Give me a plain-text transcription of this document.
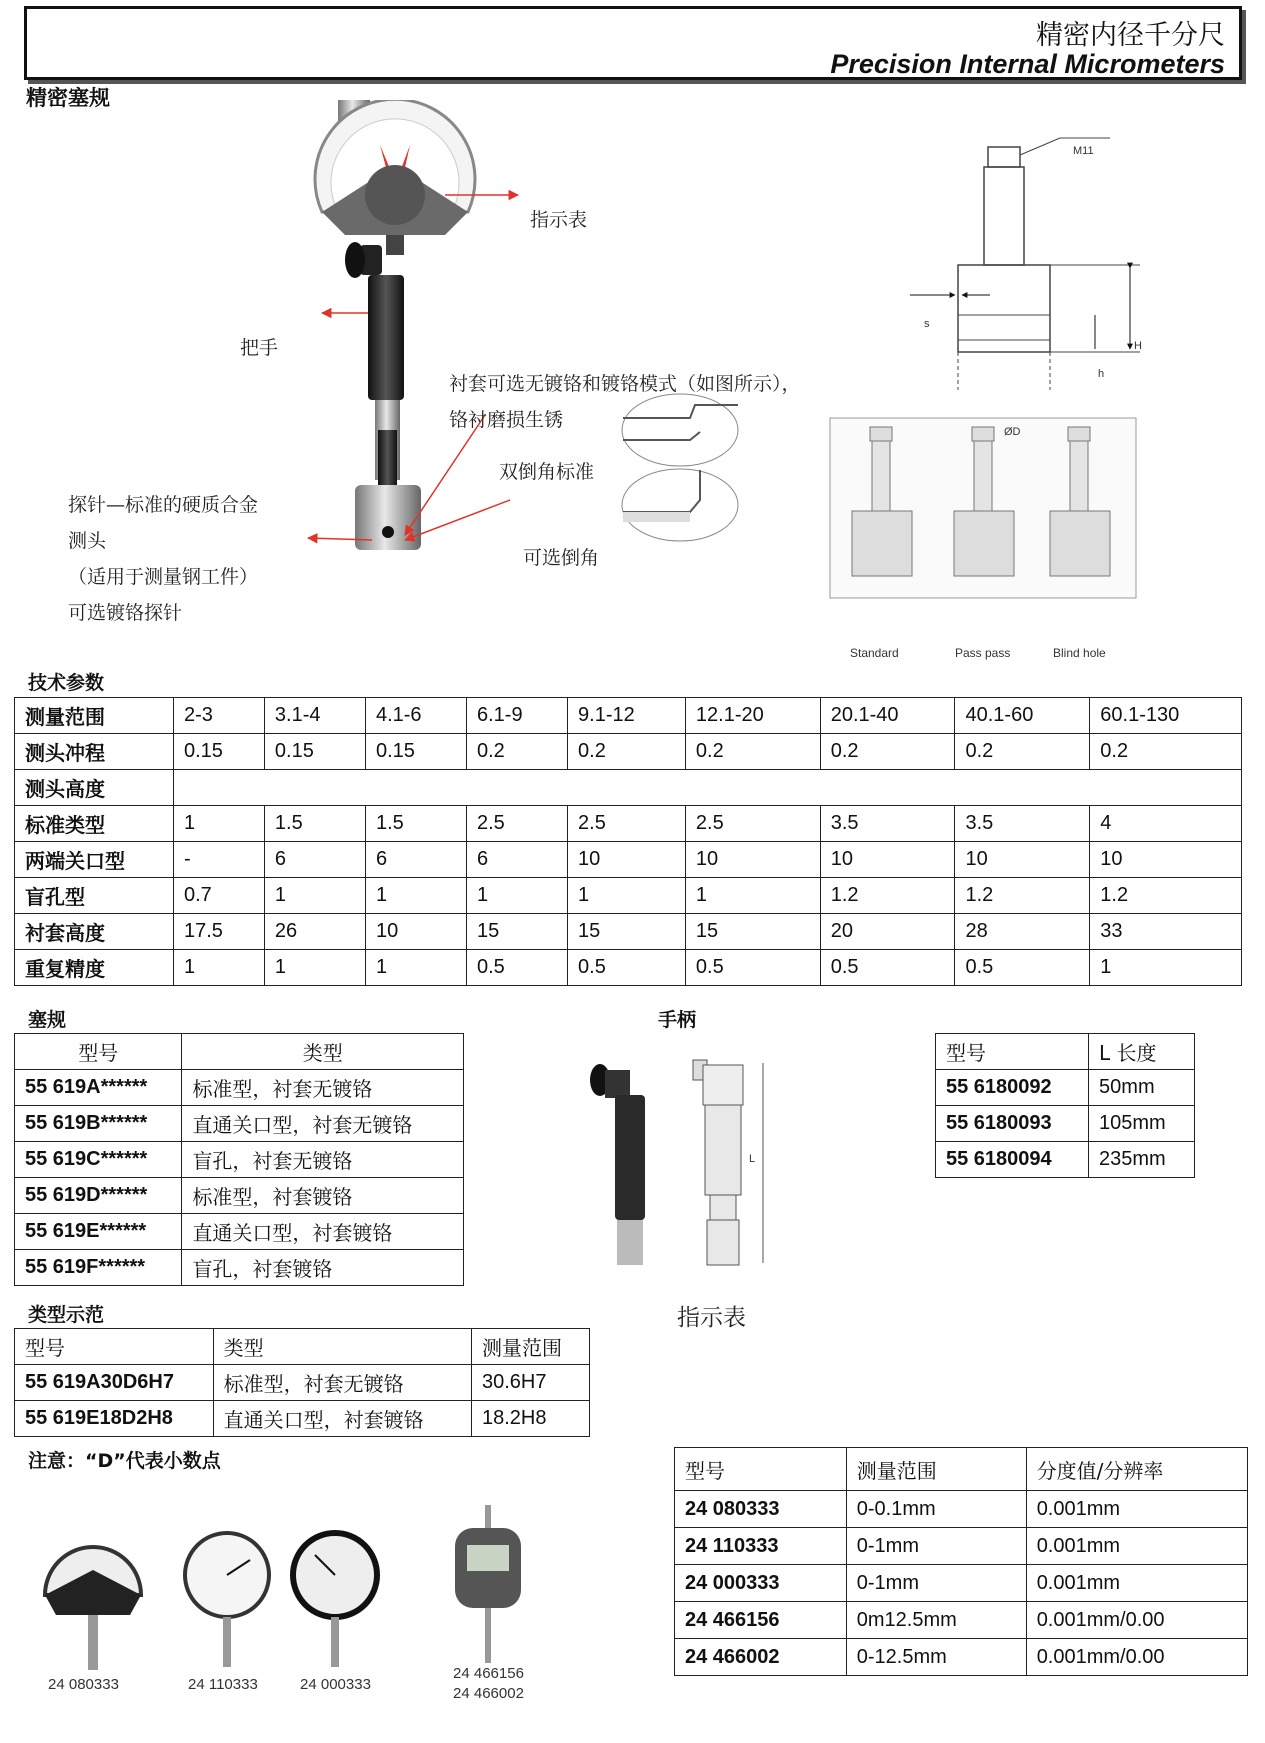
精密内径千分尺
Precision Internal Micrometers
精密塞规
M11
s
H
h
ØD
Standard	Pass pass	Blind hole
指示表
把手
衬套可选无镀铬和镀铬模式（如图所示），
铬衬磨损生锈
双倒角标准
可选倒角
探针—标准的硬质合金
测头
（适用于测量钢工件）
可选镀铬探针
技术参数
测量范围	2-3	3.1-4	4.1-6	6.1-9	9.1-12	12.1-20	20.1-40	40.1-60	60.1-130
测头冲程	0.15	0.15	0.15	0.2	0.2	0.2	0.2	0.2	0.2
测头高度									
标准类型	1	1.5	1.5	2.5	2.5	2.5	3.5	3.5	4
两端关口型	-	6	6	6	10	10	10	10	10
盲孔型	0.7	1	1	1	1	1	1.2	1.2	1.2
衬套高度	17.5	26	10	15	15	15	20	28	33
重复精度	1	1	1	0.5	0.5	0.5	0.5	0.5	1
塞规
型号	类型
55 619A******	标准型，衬套无镀铬
55 619B******	直通关口型，衬套无镀铬
55 619C******	盲孔，衬套无镀铬
55 619D******	标准型，衬套镀铬
55 619E******	直通关口型，衬套镀铬
55 619F******	盲孔，衬套镀铬
手柄
L
型号	L 长度
55 6180092	50mm
55 6180093	105mm
55 6180094	235mm
类型示范
型号	类型	测量范围
55 619A30D6H7	标准型，衬套无镀铬	30.6H7
55 619E18D2H8	直通关口型，衬套镀铬	18.2H8
注意：“D”代表小数点
指示表
型号	测量范围	分度值/分辨率
24 080333	0-0.1mm	0.001mm
24 110333	0-1mm	0.001mm
24 000333	0-1mm	0.001mm
24 466156	0m12.5mm	0.001mm/0.00
24 466002	0-12.5mm	0.001mm/0.00
24 080333	24 110333	24 000333
24 466156
24 466002
